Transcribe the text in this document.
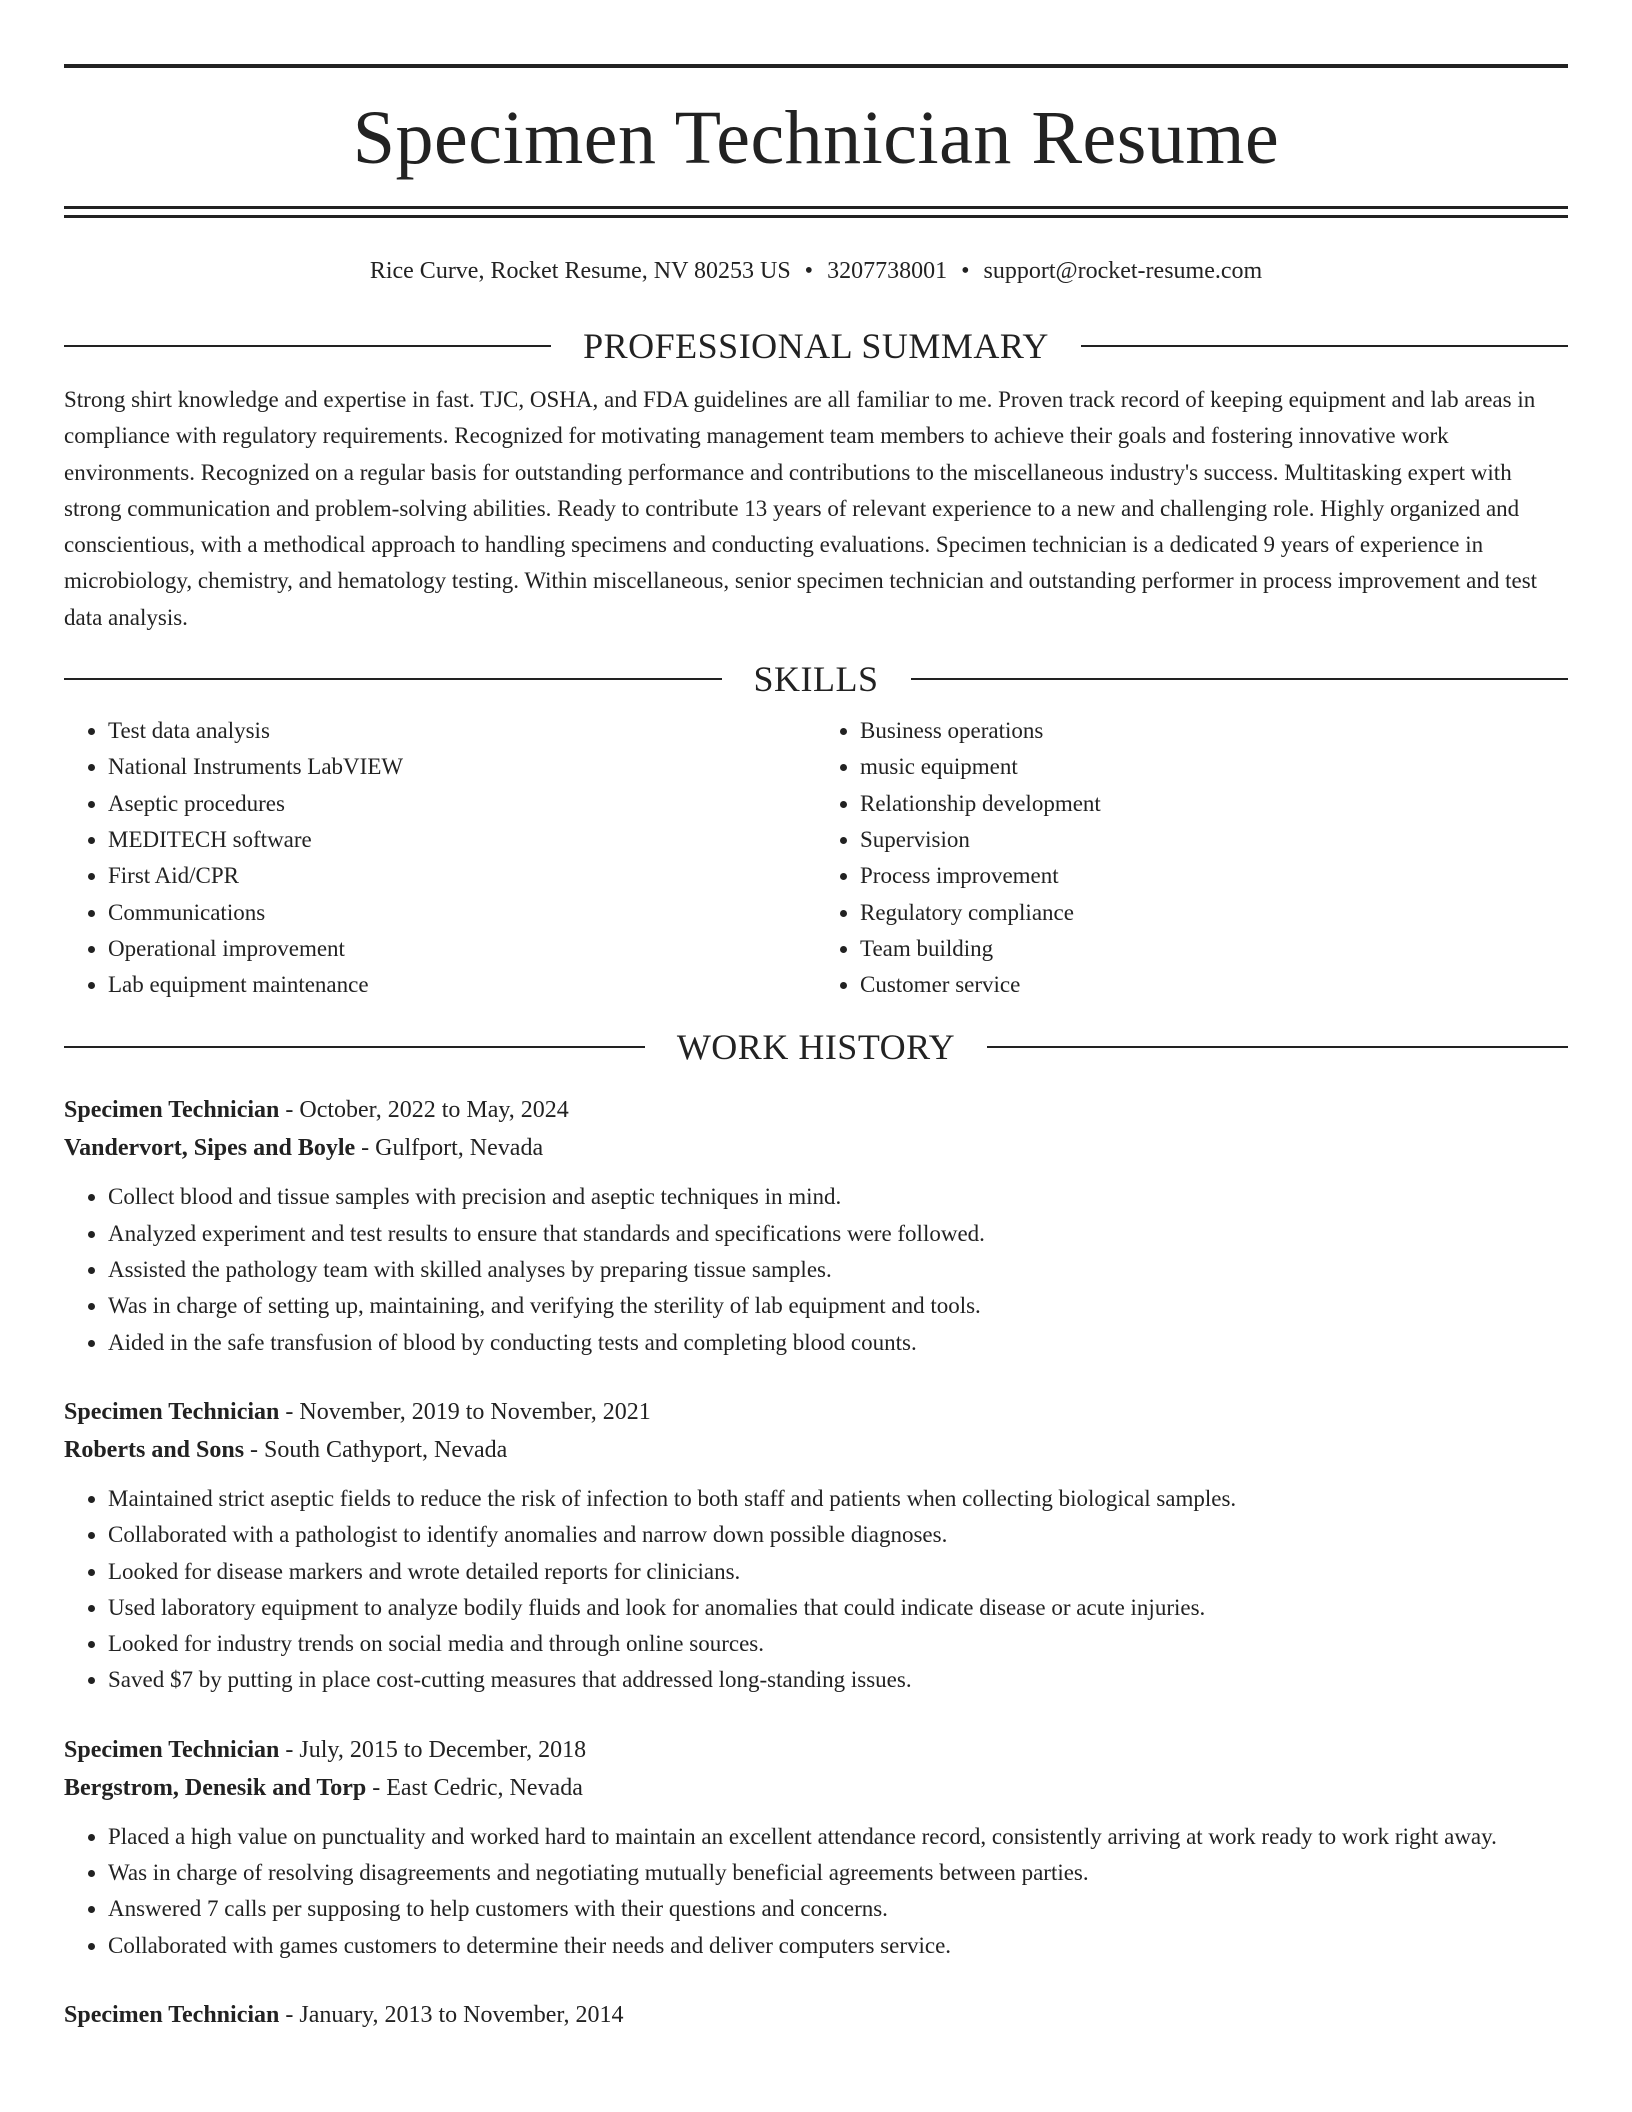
Specimen Technician Resume
Rice Curve, Rocket Resume, NV 80253 US • 3207738001 • support@rocket-resume.com
PROFESSIONAL SUMMARY

Strong shirt knowledge and expertise in fast. TJC, OSHA, and FDA guidelines are all familiar to me. Proven track record of keeping equipment and lab areas in compliance with regulatory requirements. Recognized for motivating management team members to achieve their goals and fostering innovative work environments. Recognized on a regular basis for outstanding performance and contributions to the miscellaneous industry's success. Multitasking expert with strong communication and problem-solving abilities. Ready to contribute 13 years of relevant experience to a new and challenging role. Highly organized and conscientious, with a methodical approach to handling specimens and conducting evaluations. Specimen technician is a dedicated 9 years of experience in microbiology, chemistry, and hematology testing. Within miscellaneous, senior specimen technician and outstanding performer in process improvement and test data analysis.

SKILLS
• Test data analysis
• National Instruments LabVIEW
• Aseptic procedures
• MEDITECH software
• First Aid/CPR
• Communications
• Operational improvement
• Lab equipment maintenance
• Business operations
• music equipment
• Relationship development
• Supervision
• Process improvement
• Regulatory compliance
• Team building
• Customer service
WORK HISTORY
Specimen Technician - October, 2022 to May, 2024
Vandervort, Sipes and Boyle - Gulfport, Nevada
• Collect blood and tissue samples with precision and aseptic techniques in mind.
• Analyzed experiment and test results to ensure that standards and specifications were followed.
• Assisted the pathology team with skilled analyses by preparing tissue samples.
• Was in charge of setting up, maintaining, and verifying the sterility of lab equipment and tools.
• Aided in the safe transfusion of blood by conducting tests and completing blood counts.
Specimen Technician - November, 2019 to November, 2021
Roberts and Sons - South Cathyport, Nevada
• Maintained strict aseptic fields to reduce the risk of infection to both staff and patients when collecting biological samples.
• Collaborated with a pathologist to identify anomalies and narrow down possible diagnoses.
• Looked for disease markers and wrote detailed reports for clinicians.
• Used laboratory equipment to analyze bodily fluids and look for anomalies that could indicate disease or acute injuries.
• Looked for industry trends on social media and through online sources.
• Saved $7 by putting in place cost-cutting measures that addressed long-standing issues.
Specimen Technician - July, 2015 to December, 2018
Bergstrom, Denesik and Torp - East Cedric, Nevada
• Placed a high value on punctuality and worked hard to maintain an excellent attendance record, consistently arriving at work ready to work right away.
• Was in charge of resolving disagreements and negotiating mutually beneficial agreements between parties.
• Answered 7 calls per supposing to help customers with their questions and concerns.
• Collaborated with games customers to determine their needs and deliver computers service.
Specimen Technician - January, 2013 to November, 2014
